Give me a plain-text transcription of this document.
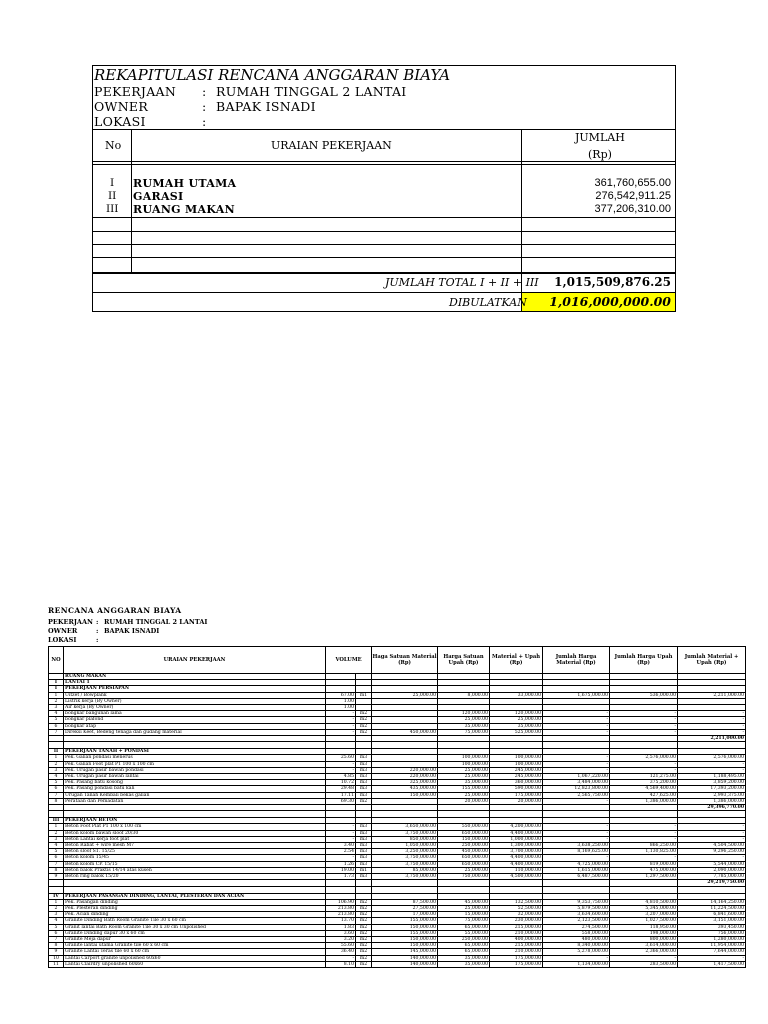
REKAPITULASI RENCANA ANGGARAN BIAYA
PEKERJAAN : RUMAH TINGGAL 2 LANTAI
OWNER	: BAPAK ISNADI
LOKASI	:
No	URAIAN PEKERJAAN
JUMLAH
(Rp)
I RUMAH UTAMA	361,760,655.00
II GARASI	276,542,911.25
III RUANG MAKAN	377,206,310.00
JUMLAH TOTAL I + II + III 1,015,509,876.25
DIBULATKAN 1,016,000,000.00
RENCANA ANGGARAN BIAYA
PEKERJAAN : RUMAH TINGGAL 2 LANTAI
OWNER	: BAPAK ISNADI
LOKASI	:
NO	URAIAN PEKERJAAN	VOLUME		Haga Satuan Material (Rp)	Harga Satuan Upah (Rp)	Material + Upah (Rp)	Jumlah Harga Material (Rp)	Jumlah Harga Upah (Rp)	Jumlah Material + Upah (Rp)
	RUANG MAKAN								
I	LANTAI 1								
I	PEKERJAAN PERSIAPAN								
1	Uitzet / Bowplank	67.00	m1	25,000.00	8,000.00	33,000.00	1,675,000.00	536,000.00	2,211,000.00
2	Listrik kerja (By Owner)	1.00							
3	Air kerja (By Owner)	1.00							
4	bongkar bangunan lama	-	m2		120,000.00	120,000.00	-	-	-
5	bongkar plafond	-	m2		25,000.00	25,000.00	-	-	-
6	bongkar atap	-	m2		35,000.00	35,000.00	-	-	-
7	Direksi Keet, Bedeng tenaga dan gudang material	-	m2	450,000.00	75,000.00	525,000.00	-	-	-
									2,211,000.00

II	PEKERJAAN TANAH + PONDASI								
1	Pek. Galian pondasi menerus	25.60	m3		100,000.00	100,000.00	-	2,576,000.00	2,576,000.00
2	Pek. Galian Foot plat P1 100 x 100 cm	-	m3		100,000.00	100,000.00	-	-	-
3	Pek. Urugan pasir bawah pondasi	-	m3	220,000.00	25,000.00	245,000.00	-	-	-
4	Pek. Urugan pasir bawah lantai	4.85	m3	220,000.00	25,000.00	245,000.00	1,067,220.00	121,275.00	1,188,495.00
5	Pek. Pasang batu kosong	10.72	m3	325,000.00	35,000.00	360,000.00	3,484,000.00	375,200.00	3,859,200.00
6	Pek. Pasang pondasi batu kali	29.48	m3	435,000.00	155,000.00	590,000.00	12,823,800.00	4,569,400.00	17,393,200.00
7	Urugan Tanah Kembali bekas galian	17.11	m3	150,000.00	25,000.00	175,000.00	2,565,750.00	427,625.00	2,993,375.00
8	Perataan dan Pemadatan	69.30	m2		20,000.00	20,000.00	-	1,386,000.00	1,386,000.00
									29,396,770.00

III	PEKERJAAN BETON								
1	Beton Foot Plat P1 100 x 100 cm	-	m3	3,650,000.00	550,000.00	4,200,000.00	-	-	-
2	Beton kolom bawah sloof 20/30	-	m3	3,750,000.00	650,000.00	4,400,000.00	-	-	-
3	Beton Lantai kerja foot plat	-	m3	850,000.00	150,000.00	1,000,000.00	-	-	-
4	Beton Rabat + wire mesh M7	3.40	m3	1,050,000.00	250,000.00	1,300,000.00	3,638,250.00	866,250.00	4,504,500.00
5	Beton sloof S1. 15/25	2.54	m3	3,250,000.00	450,000.00	3,700,000.00	8,169,625.00	1,130,825.00	9,296,250.00
6	Beton kolom 15/45	-	m3	3,750,000.00	650,000.00	4,400,000.00	-	-	-
7	Beton kolom CP. 15/15	1.26	m3	3,750,000.00	650,000.00	4,400,000.00	4,725,000.00	819,000.00	5,544,000.00
8	Beton balok Praktis 14/14 atas kusen	19.00	m1	85,000.00	25,000.00	110,000.00	1,615,000.00	475,000.00	2,090,000.00
9	Beton ring balok 15/20	1.73	m3	3,750,000.00	750,000.00	4,500,000.00	6,487,500.00	1,297,500.00	7,785,000.00
									29,219,750.00

IV	PEKERJAAN PASANGAN DINDING, LANTAI, PLESTERAN DAN ACIAN								
1	Pek. Pasangan dinding	106.90	m2	87,500.00	45,000.00	132,500.00	9,353,750.00	4,810,500.00	14,164,250.00
2	Pek. Plesteran dinding	213.80	m2	27,500.00	25,000.00	52,500.00	5,879,500.00	5,345,000.00	11,224,500.00
3	Pek. Acian dinding	213.80	m2	17,000.00	15,000.00	32,000.00	3,634,600.00	3,207,000.00	6,841,600.00
4	Granite Dinding Bath Room Granite Tile 30 x 60 cm	13.70	m2	155,000.00	75,000.00	230,000.00	2,123,500.00	1,027,500.00	3,151,000.00
5	Granit lantai Bath Room Granite Tile 30 x 30 cm Unpolished	1.83	m2	150,000.00	65,000.00	215,000.00	274,500.00	118,950.00	393,450.00
6	Granite Dinding dapur 30 x 60 cm	3.60	m2	155,000.00	55,000.00	210,000.00	558,000.00	198,000.00	756,000.00
7	Granite Meja dapur	3.20	m2	150,000.00	250,000.00	400,000.00	480,000.00	800,000.00	1,280,000.00
8	Granite lantai utama Granite tile 60 x 60 cm	55.60	m2	150,000.00	65,000.00	215,000.00	8,340,000.00	3,614,000.00	11,954,000.00
9	Granite Lantai Teras tile 60 x 60 cm	36.40	m2	145,000.00	65,000.00	210,000.00	5,278,000.00	2,366,000.00	7,644,000.00
10	Lantai Carport granite unpolished 60x60	-	m2	140,000.00	35,000.00	175,000.00	-	-	-
11	Lantai Clairdry unpolished 60x60	8.10	m2	140,000.00	35,000.00	175,000.00	1,134,000.00	283,500.00	1,417,500.00
